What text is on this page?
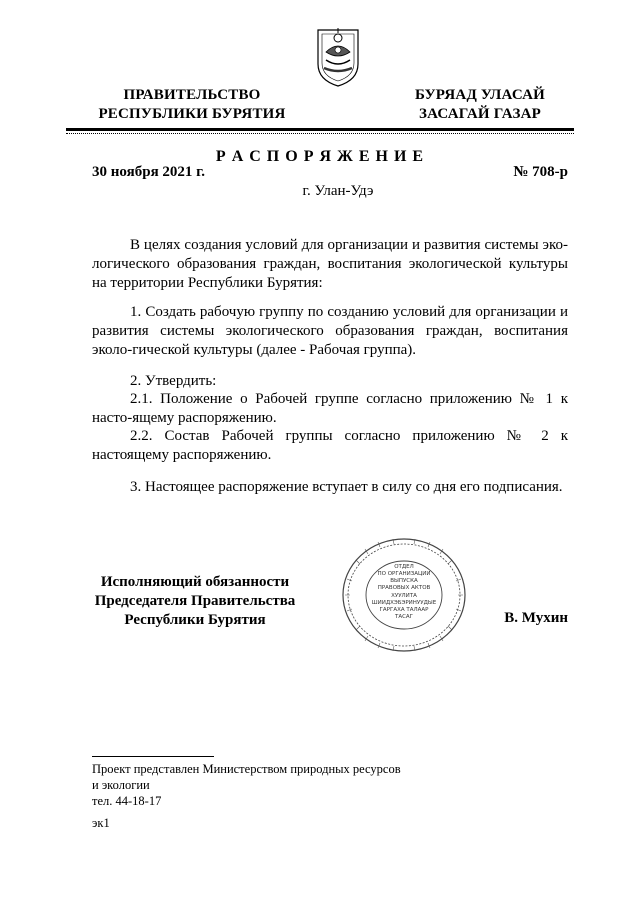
ПРАВИТЕЛЬСТВО
РЕСПУБЛИКИ БУРЯТИЯ
БУРЯАД УЛАСАЙ
ЗАСАГАЙ ГАЗАР
Р А С П О Р Я Ж Е Н И Е
30 ноября 2021 г.	№ 708-р
г. Улан-Удэ
В целях создания условий для организации и развития системы эко-логического образования граждан, воспитания экологической культуры на территории Республики Бурятия:
1. Создать рабочую группу по созданию условий для организации и развития системы экологического образования граждан, воспитания эколо-гической культуры (далее - Рабочая группа).
2. Утвердить:
2.1. Положение о Рабочей группе согласно приложению № 1 к насто-ящему распоряжению.
2.2. Состав Рабочей группы согласно приложению № 2 к настоящему распоряжению.
3. Настоящее распоряжение вступает в силу со дня его подписания.
Исполняющий обязанности
Председателя Правительства
Республики Бурятия	В. Мухин
ОТДЕЛ
ПО ОРГАНИЗАЦИИ
ВЫПУСКА
ПРАВОВЫХ АКТОВ
ХУУЛИТА
ШИИДХЭБЭРИНУУДЫЕ
ГАРГАХА ТАЛААР
ТАСАГ
Проект представлен Министерством природных ресурсов
и экологии
тел. 44-18-17
эк1
